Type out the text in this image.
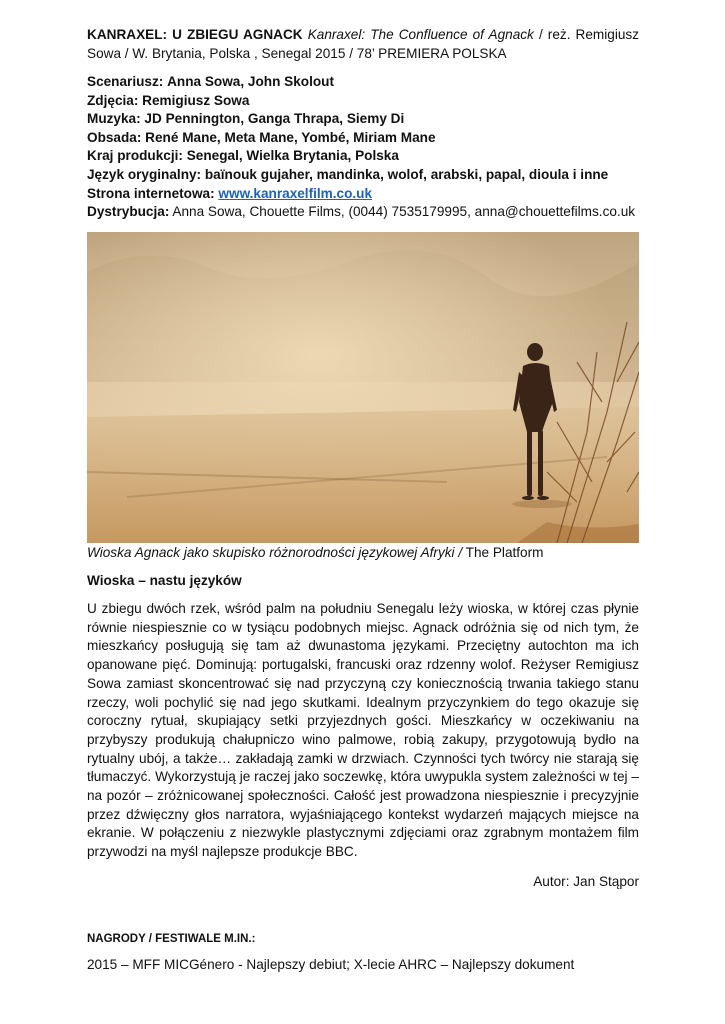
KANRAXEL: U ZBIEGU AGNACK Kanraxel: The Confluence of Agnack / reż. Remigiusz Sowa / W. Brytania, Polska , Senegal 2015 / 78’ PREMIERA POLSKA
Scenariusz: Anna Sowa, John Skolout
Zdjęcia: Remigiusz Sowa
Muzyka: JD Pennington, Ganga Thrapa, Siemy Di
Obsada: René Mane, Meta Mane, Yombé, Miriam Mane
Kraj produkcji: Senegal, Wielka Brytania, Polska
Język oryginalny: baïnouk gujaher, mandinka, wolof, arabski, papal, dioula i inne
Strona internetowa: www.kanraxelfilm.co.uk
Dystrybucja: Anna Sowa, Chouette Films, (0044) 7535179995, anna@chouettefilms.co.uk
Wioska Agnack jako skupisko różnorodności językowej Afryki / The Platform
Wioska – nastu języków
U zbiegu dwóch rzek, wśród palm na południu Senegalu leży wioska, w której czas płynie równie niespiesznie co w tysiącu podobnych miejsc. Agnack odróżnia się od nich tym, że mieszkańcy posługują się tam aż dwunastoma językami. Przeciętny autochton ma ich opanowane pięć. Dominują: portugalski, francuski oraz rdzenny wolof. Reżyser Remigiusz Sowa zamiast skoncentrować się nad przyczyną czy koniecznością trwania takiego stanu rzeczy, woli pochylić się nad jego skutkami. Idealnym przyczynkiem do tego okazuje się coroczny rytuał, skupiający setki przyjezdnych gości. Mieszkańcy w oczekiwaniu na przybyszy produkują chałupniczo wino palmowe, robią zakupy, przygotowują bydło na rytualny ubój, a także… zakładają zamki w drzwiach. Czynności tych twórcy nie starają się tłumaczyć. Wykorzystują je raczej jako soczewkę, która uwypukla system zależności w tej – na pozór – zróżnicowanej społeczności. Całość jest prowadzona niespiesznie i precyzyjnie przez dźwięczny głos narratora, wyjaśniającego kontekst wydarzeń mających miejsce na ekranie. W połączeniu z niezwykle plastycznymi zdjęciami oraz zgrabnym montażem film przywodzi na myśl najlepsze produkcje BBC.
Autor: Jan Stąpor
NAGRODY / FESTIWALE M.IN.:
2015 – MFF MICGénero - Najlepszy debiut; X-lecie AHRC – Najlepszy dokument
